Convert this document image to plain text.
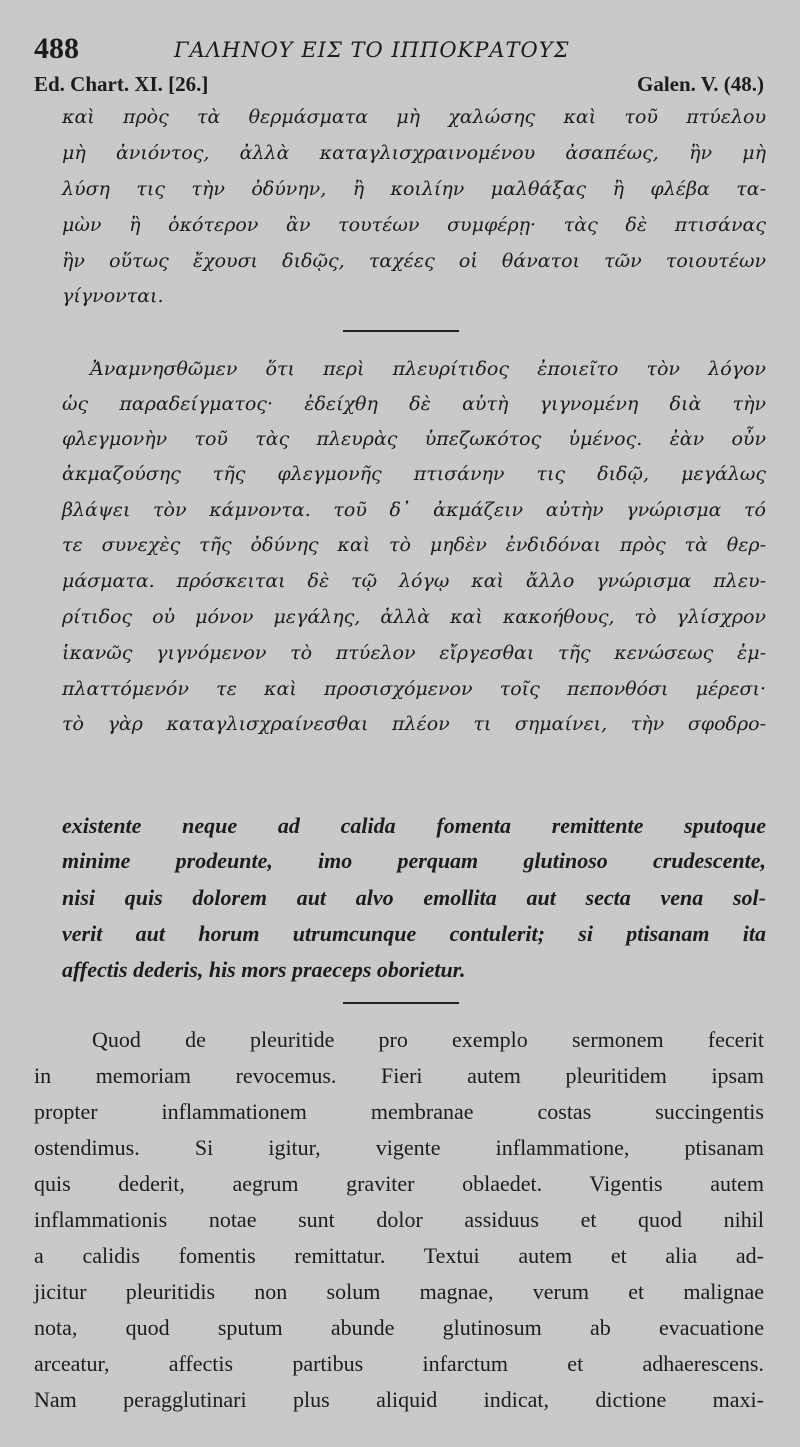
488	ΓΑΛΗΝΟΥ ΕΙΣ ΤΟ ΙΠΠΟΚΡΑΤΟΥΣ
Ed. Chart. XI. [26.]	Galen. V. (48.)
καὶ πρὸς τὰ θερμάσματα μὴ χαλώσης καὶ τοῦ πτύελου
μὴ ἀνιόντος, ἀλλὰ καταγλισχραινομένου ἀσαπέως, ἣν μὴ
λύση τις τὴν ὀδύνην, ἢ κοιλίην μαλθάξας ἢ φλέβα τα-
μὼν ἢ ὁκότερον ἂν τουτέων συμφέρῃ· τὰς δὲ πτισάνας
ἣν οὕτως ἔχουσι διδῷς, ταχέες οἱ θάνατοι τῶν τοιουτέων
γίγνονται.
Ἀναμνησθῶμεν ὅτι περὶ πλευρίτιδος ἐποιεῖτο τὸν λόγον
ὡς παραδείγματος· ἐδείχθη δὲ αὐτὴ γιγνομένη διὰ τὴν
φλεγμονὴν τοῦ τὰς πλευρὰς ὑπεζωκότος ὑμένος. ἐὰν οὖν
ἀκμαζούσης τῆς φλεγμονῆς πτισάνην τις διδῷ, μεγάλως
βλάψει τὸν κάμνοντα. τοῦ δ᾽ ἀκμάζειν αὐτὴν γνώρισμα τό
τε συνεχὲς τῆς ὀδύνης καὶ τὸ μηδὲν ἐνδιδόναι πρὸς τὰ θερ-
μάσματα. πρόσκειται δὲ τῷ λόγῳ καὶ ἄλλο γνώρισμα πλευ-
ρίτιδος οὐ μόνον μεγάλης, ἀλλὰ καὶ κακοήθους, τὸ γλίσχρον
ἱκανῶς γιγνόμενον τὸ πτύελον εἴργεσθαι τῆς κενώσεως ἐμ-
πλαττόμενόν τε καὶ προσισχόμενον τοῖς πεπονθόσι μέρεσι·
τὸ γὰρ καταγλισχραίνεσθαι πλέον τι σημαίνει, τὴν σφοδρο-
existente neque ad calida fomenta remittente sputoque
minime prodeunte, imo perquam glutinoso crudescente,
nisi quis dolorem aut alvo emollita aut secta vena sol-
verit aut horum utrumcunque contulerit; si ptisanam ita
affectis dederis, his mors praeceps oborietur.
Quod de pleuritide pro exemplo sermonem fecerit
in memoriam revocemus. Fieri autem pleuritidem ipsam
propter inflammationem membranae costas succingentis
ostendimus. Si igitur, vigente inflammatione, ptisanam
quis dederit, aegrum graviter oblaedet. Vigentis autem
inflammationis notae sunt dolor assiduus et quod nihil
a calidis fomentis remittatur. Textui autem et alia ad-
jicitur pleuritidis non solum magnae, verum et malignae
nota, quod sputum abunde glutinosum ab evacuatione
arceatur, affectis partibus infarctum et adhaerescens.
Nam peragglutinari plus aliquid indicat, dictione maxi-
